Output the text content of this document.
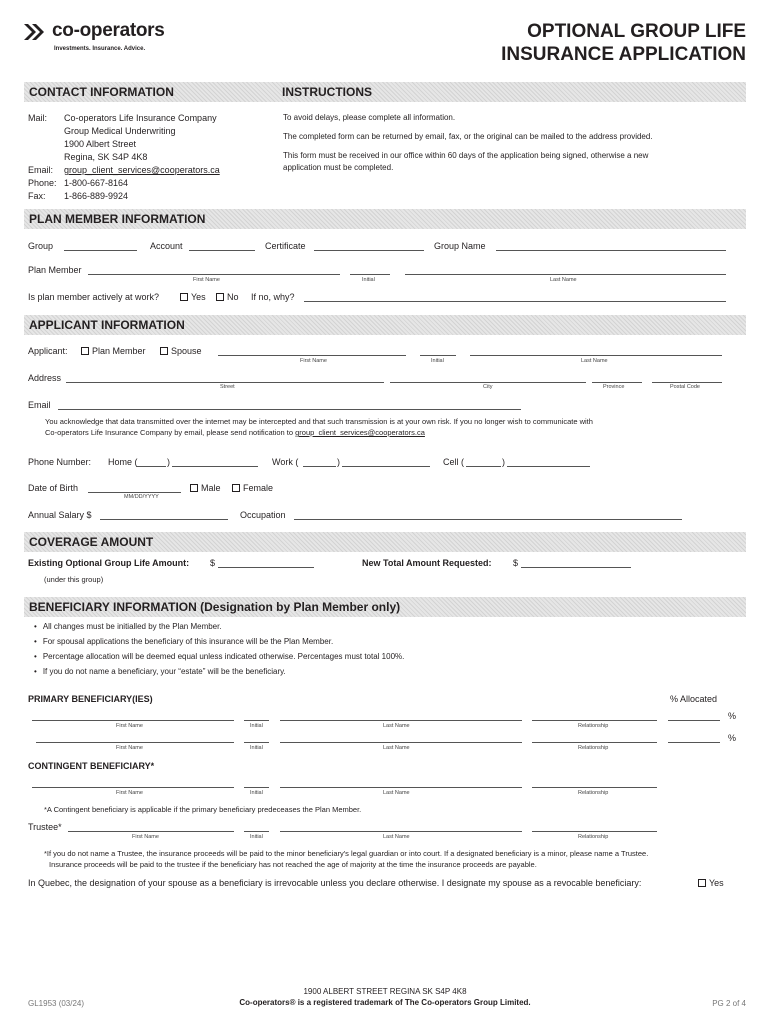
co-operators
Investments. Insurance. Advice.
OPTIONAL GROUP LIFE
INSURANCE APPLICATION
CONTACT INFORMATION	INSTRUCTIONS
Mail: Co-operators Life Insurance Company
Group Medical Underwriting
1900 Albert Street
Regina, SK S4P 4K8
Email: group_client_services@cooperators.ca
Phone: 1-800-667-8164
Fax: 1-866-889-9924
To avoid delays, please complete all information.
The completed form can be returned by email, fax, or the original can be mailed to the address provided.
This form must be received in our office within 60 days of the application being signed, otherwise a new
application must be completed.
PLAN MEMBER INFORMATION
Group	Account	Certificate	Group Name
Plan Member
First Name	Initial	Last Name
Is plan member actively at work?	Yes	No If no, why?
APPLICANT INFORMATION
Applicant:	Plan Member	Spouse
First Name	Initial	Last Name
Address
Street	City	Province	Postal Code
Email
You acknowledge that data transmitted over the internet may be intercepted and that such transmission is at your own risk. If you no longer wish to communicate with
Co-operators Life Insurance Company by email, please send notification to group_client_services@cooperators.ca
Phone Number: Home (	)	Work (	)	Cell (	)
Date of Birth
MM/DD/YYYY
Male	Female
Annual Salary $	Occupation
COVERAGE AMOUNT
Existing Optional Group Life Amount: $
(under this group)
New Total Amount Requested: $
BENEFICIARY INFORMATION (Designation by Plan Member only)
• All changes must be initialled by the Plan Member.
• For spousal applications the beneficiary of this insurance will be the Plan Member.
• Percentage allocation will be deemed equal unless indicated otherwise. Percentages must total 100%.
• If you do not name a beneficiary, your “estate” will be the beneficiary.
PRIMARY BENEFICIARY(IES)	% Allocated
%
First Name	Initial	Last Name	Relationship
%
First Name	Initial	Last Name	Relationship
CONTINGENT BENEFICIARY*
First Name	Initial	Last Name	Relationship
*A Contingent beneficiary is applicable if the primary beneficiary predeceases the Plan Member.
Trustee*
First Name	Initial	Last Name	Relationship
*If you do not name a Trustee, the insurance proceeds will be paid to the minor beneficiary's legal guardian or into court. If a designated beneficiary is a minor, please name a Trustee.
Insurance proceeds will be paid to the trustee if the beneficiary has not reached the age of majority at the time the insurance proceeds are payable.
In Quebec, the designation of your spouse as a beneficiary is irrevocable unless you declare otherwise. I designate my spouse as a revocable beneficiary:	Yes
GL1953 (03/24)
1900 ALBERT STREET REGINA SK S4P 4K8
Co-operators® is a registered trademark of The Co-operators Group Limited.	PG 2 of 4
